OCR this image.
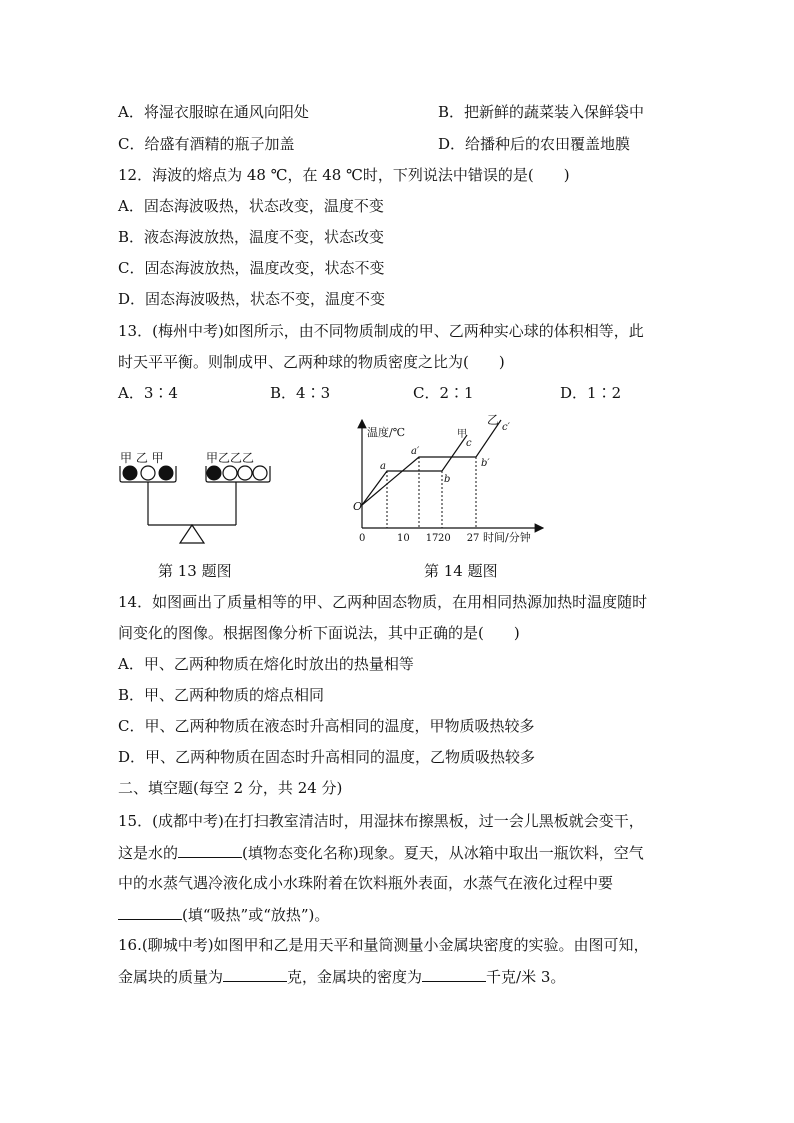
A．将湿衣服晾在通风向阳处	B．把新鲜的蔬菜装入保鲜袋中
C．给盛有酒精的瓶子加盖	D．给播种后的农田覆盖地膜
12．海波的熔点为 48 ℃，在 48 ℃时，下列说法中错误的是(　　)
A．固态海波吸热，状态改变，温度不变
B．液态海波放热，温度不变，状态改变
C．固态海波放热，温度改变，状态不变
D．固态海波吸热，状态不变，温度不变
13．(梅州中考)如图所示，由不同物质制成的甲、乙两种实心球的体积相等，此
时天平平衡。则制成甲、乙两种球的物质密度之比为(　　)
A．3∶4	B．4∶3	C．2∶1	D．1∶2
甲 乙 甲	甲乙乙乙
第 13 题图
温度/℃
时间/分钟
O
0	10 17 20 27
a
a′
b
b′
c
c′
甲
乙
第 14 题图
14．如图画出了质量相等的甲、乙两种固态物质，在用相同热源加热时温度随时
间变化的图像。根据图像分析下面说法，其中正确的是(　　)
A．甲、乙两种物质在熔化时放出的热量相等
B．甲、乙两种物质的熔点相同
C．甲、乙两种物质在液态时升高相同的温度，甲物质吸热较多
D．甲、乙两种物质在固态时升高相同的温度，乙物质吸热较多
二、填空题(每空 2 分，共 24 分)
15．(成都中考)在打扫教室清洁时，用湿抹布擦黑板，过一会儿黑板就会变干，
这是水的	(填物态变化名称)现象。夏天，从冰箱中取出一瓶饮料，空气
中的水蒸气遇冷液化成小水珠附着在饮料瓶外表面，水蒸气在液化过程中要
(填“吸热”或“放热”)。
16.(聊城中考)如图甲和乙是用天平和量筒测量小金属块密度的实验。由图可知，
金属块的质量为	克，金属块的密度为	千克/米 3。
